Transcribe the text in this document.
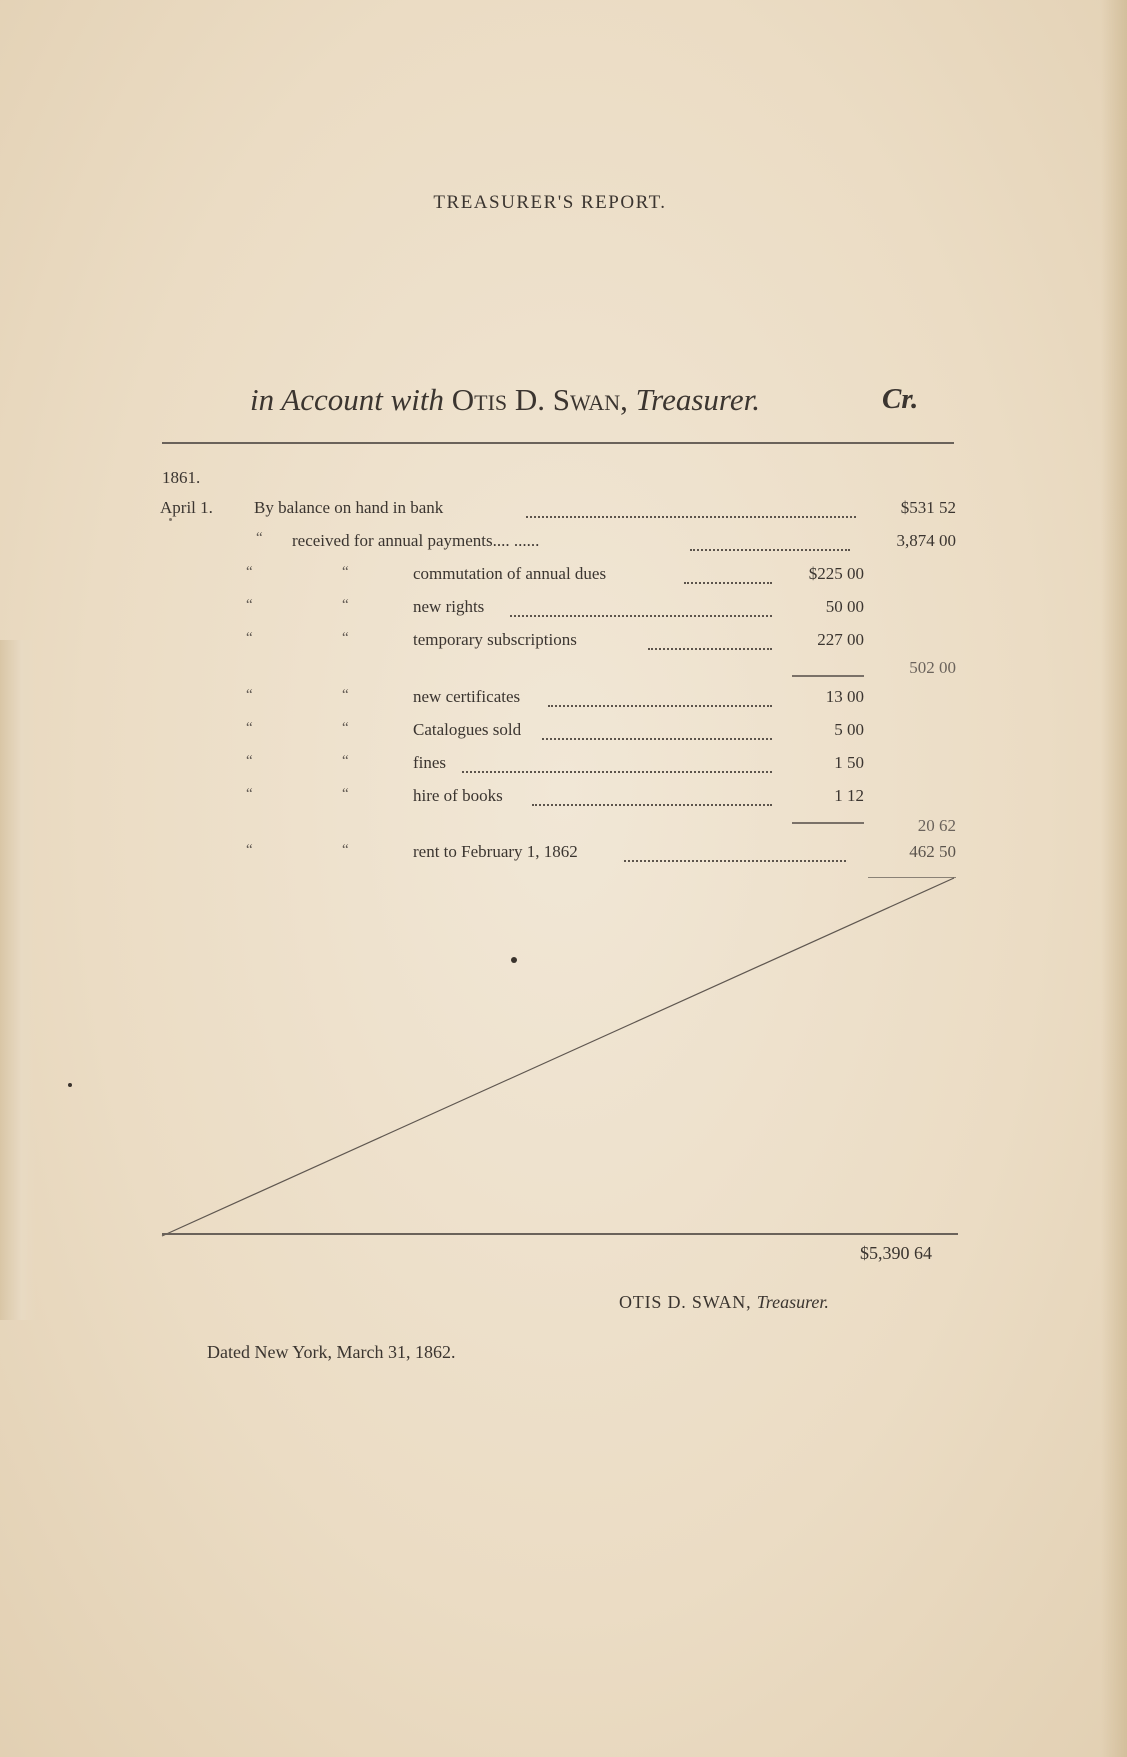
TREASURER'S REPORT.
in Account with Otis D. Swan, Treasurer.	Cr.
1861.
April 1. By balance on hand in bank	$531 52
“ received for annual payments.... ......	3,874 00
“	“	commutation of annual dues	$225 00
“	“	new rights	50 00
“	“	temporary subscriptions	227 00
502 00
“	“	new certificates	13 00
“	“	Catalogues sold	5 00
“	“	fines	1 50
“	“	hire of books	1 12
20 62
“	“	rent to February 1, 1862	462 50
$5,390 64
OTIS D. SWAN, Treasurer.
Dated New York, March 31, 1862.
